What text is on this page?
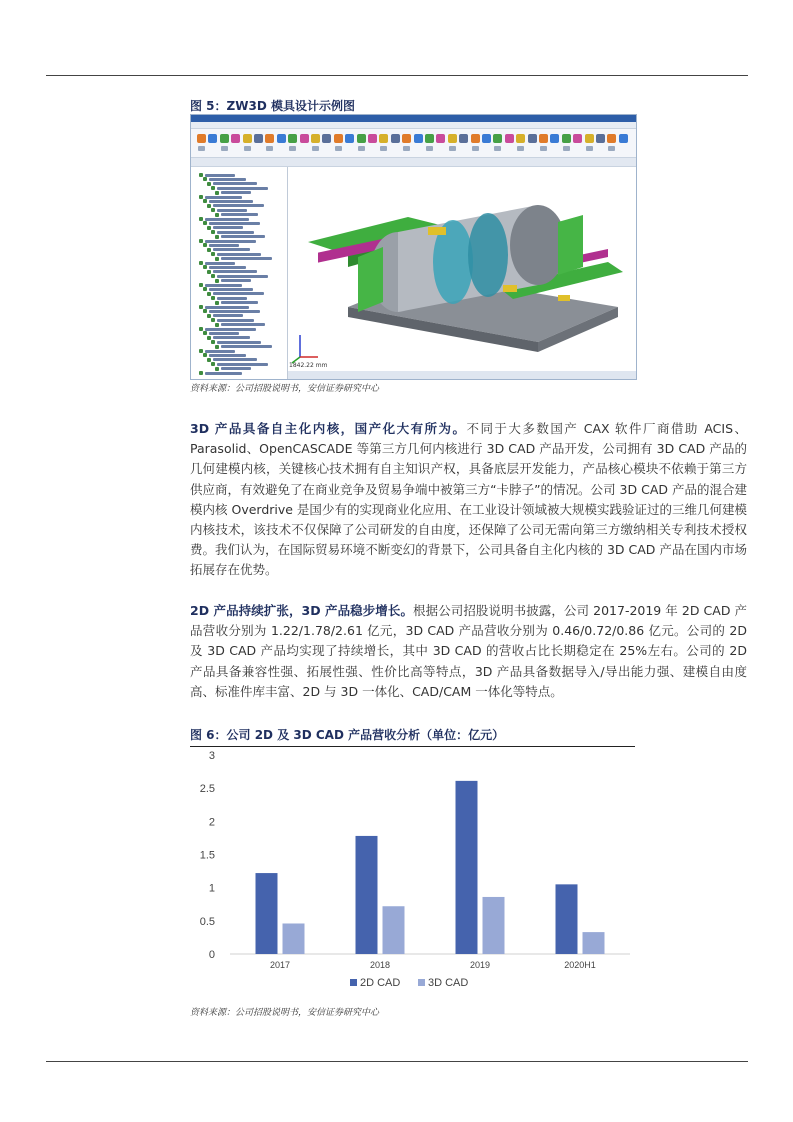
图 5：ZW3D 模具设计示例图
1842.22 mm
资料来源：公司招股说明书，安信证券研究中心
3D 产品具备自主化内核，国产化大有所为。不同于大多数国产 CAX 软件厂商借助 ACIS、Parasolid、OpenCASCADE 等第三方几何内核进行 3D CAD 产品开发，公司拥有 3D CAD 产品的几何建模内核，关键核心技术拥有自主知识产权，具备底层开发能力，产品核心模块不依赖于第三方供应商，有效避免了在商业竞争及贸易争端中被第三方“卡脖子”的情况。公司 3D CAD 产品的混合建模内核 Overdrive 是国少有的实现商业化应用、在工业设计领域被大规模实践验证过的三维几何建模内核技术，该技术不仅保障了公司研发的自由度，还保障了公司无需向第三方缴纳相关专利技术授权费。我们认为，在国际贸易环境不断变幻的背景下，公司具备自主化内核的 3D CAD 产品在国内市场拓展存在优势。
2D 产品持续扩张，3D 产品稳步增长。根据公司招股说明书披露，公司 2017-2019 年 2D CAD 产品营收分别为 1.22/1.78/2.61 亿元，3D CAD 产品营收分别为 0.46/0.72/0.86 亿元。公司的 2D 及 3D CAD 产品均实现了持续增长，其中 3D CAD 的营收占比长期稳定在 25%左右。公司的 2D 产品具备兼容性强、拓展性强、性价比高等特点，3D 产品具备数据导入/导出能力强、建模自由度高、标准件库丰富、2D 与 3D 一体化、CAD/CAM 一体化等特点。
图 6：公司 2D 及 3D CAD 产品营收分析（单位：亿元）
0
0.5
1
1.5
2
2.5
3
2017	2018	2019	2020H1
2D CAD	3D CAD
资料来源：公司招股说明书，安信证券研究中心
